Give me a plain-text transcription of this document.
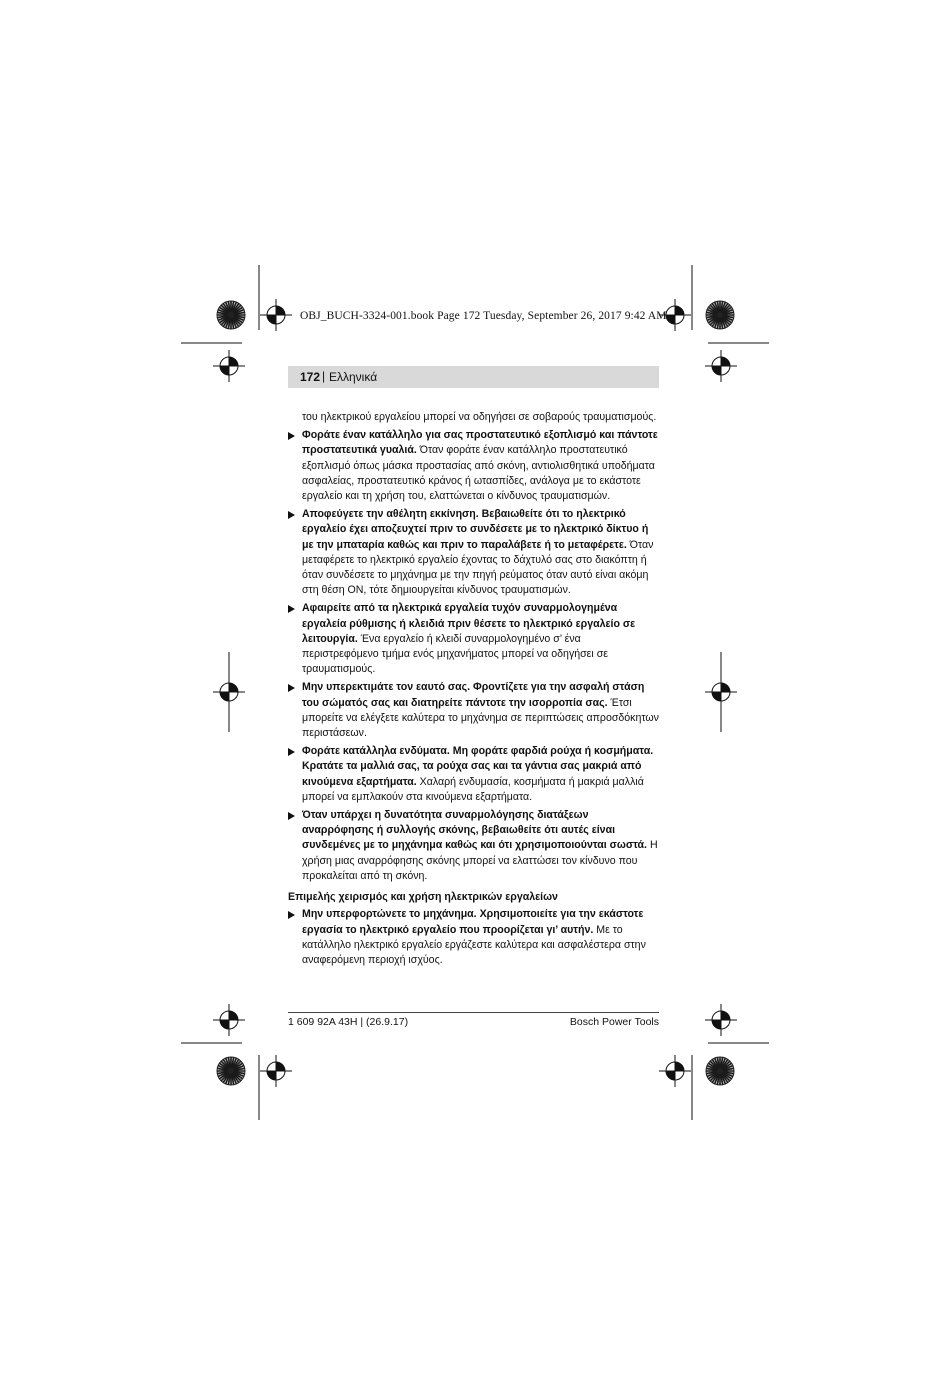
OBJ_BUCH-3324-001.book Page 172 Tuesday, September 26, 2017 9:42 AM
172 | Ελληνικά

του ηλεκτρικού εργαλείου μπορεί να οδηγήσει σε σοβαρούς τραυματισμούς.

Φοράτε έναν κατάλληλο για σας προστατευτικό εξοπλισμό και πάντοτε προστατευτικά γυαλιά. Όταν φοράτε έναν κατάλληλο προστατευτικό εξοπλισμό όπως μάσκα προστασίας από σκόνη, αντιολισθητικά υποδήματα ασφαλείας, προστατευτικό κράνος ή ωτασπίδες, ανάλογα με το εκάστοτε εργαλείο και τη χρήση του, ελαττώνεται ο κίνδυνος τραυματισμών.

Αποφεύγετε την αθέλητη εκκίνηση. Βεβαιωθείτε ότι το ηλεκτρικό εργαλείο έχει αποζευχτεί πριν το συνδέσετε με το ηλεκτρικό δίκτυο ή με την μπαταρία καθώς και πριν το παραλάβετε ή το μεταφέρετε. Όταν μεταφέρετε το ηλεκτρικό εργαλείο έχοντας το δάχτυλό σας στο διακόπτη ή όταν συνδέσετε το μηχάνημα με την πηγή ρεύματος όταν αυτό είναι ακόμη στη θέση ON, τότε δημιουργείται κίνδυνος τραυματισμών.

Αφαιρείτε από τα ηλεκτρικά εργαλεία τυχόν συναρμολογημένα εργαλεία ρύθμισης ή κλειδιά πριν θέσετε το ηλεκτρικό εργαλείο σε λειτουργία. Ένα εργαλείο ή κλειδί συναρμολογημένο σ’ ένα περιστρεφόμενο τμήμα ενός μηχανήματος μπορεί να οδηγήσει σε τραυματισμούς.

Μην υπερεκτιμάτε τον εαυτό σας. Φροντίζετε για την ασφαλή στάση του σώματός σας και διατηρείτε πάντοτε την ισορροπία σας. Έτσι μπορείτε να ελέγξετε καλύτερα το μηχάνημα σε περιπτώσεις απροσδόκητων περιστάσεων.

Φοράτε κατάλληλα ενδύματα. Μη φοράτε φαρδιά ρούχα ή κοσμήματα. Κρατάτε τα μαλλιά σας, τα ρούχα σας και τα γάντια σας μακριά από κινούμενα εξαρτήματα. Χαλαρή ενδυμασία, κοσμήματα ή μακριά μαλλιά μπορεί να εμπλακούν στα κινούμενα εξαρτήματα.

Όταν υπάρχει η δυνατότητα συναρμολόγησης διατάξεων αναρρόφησης ή συλλογής σκόνης, βεβαιωθείτε ότι αυτές είναι συνδεμένες με το μηχάνημα καθώς και ότι χρησιμοποιούνται σωστά. Η χρήση μιας αναρρόφησης σκόνης μπορεί να ελαττώσει τον κίνδυνο που προκαλείται από τη σκόνη.

Επιμελής χειρισμός και χρήση ηλεκτρικών εργαλείων

Μην υπερφορτώνετε το μηχάνημα. Χρησιμοποιείτε για την εκάστοτε εργασία το ηλεκτρικό εργαλείο που προορίζεται γι’ αυτήν. Με το κατάλληλο ηλεκτρικό εργαλείο εργάζεστε καλύτερα και ασφαλέστερα στην αναφερόμενη περιοχή ισχύος.

1 609 92A 43H | (26.9.17)	Bosch Power Tools
